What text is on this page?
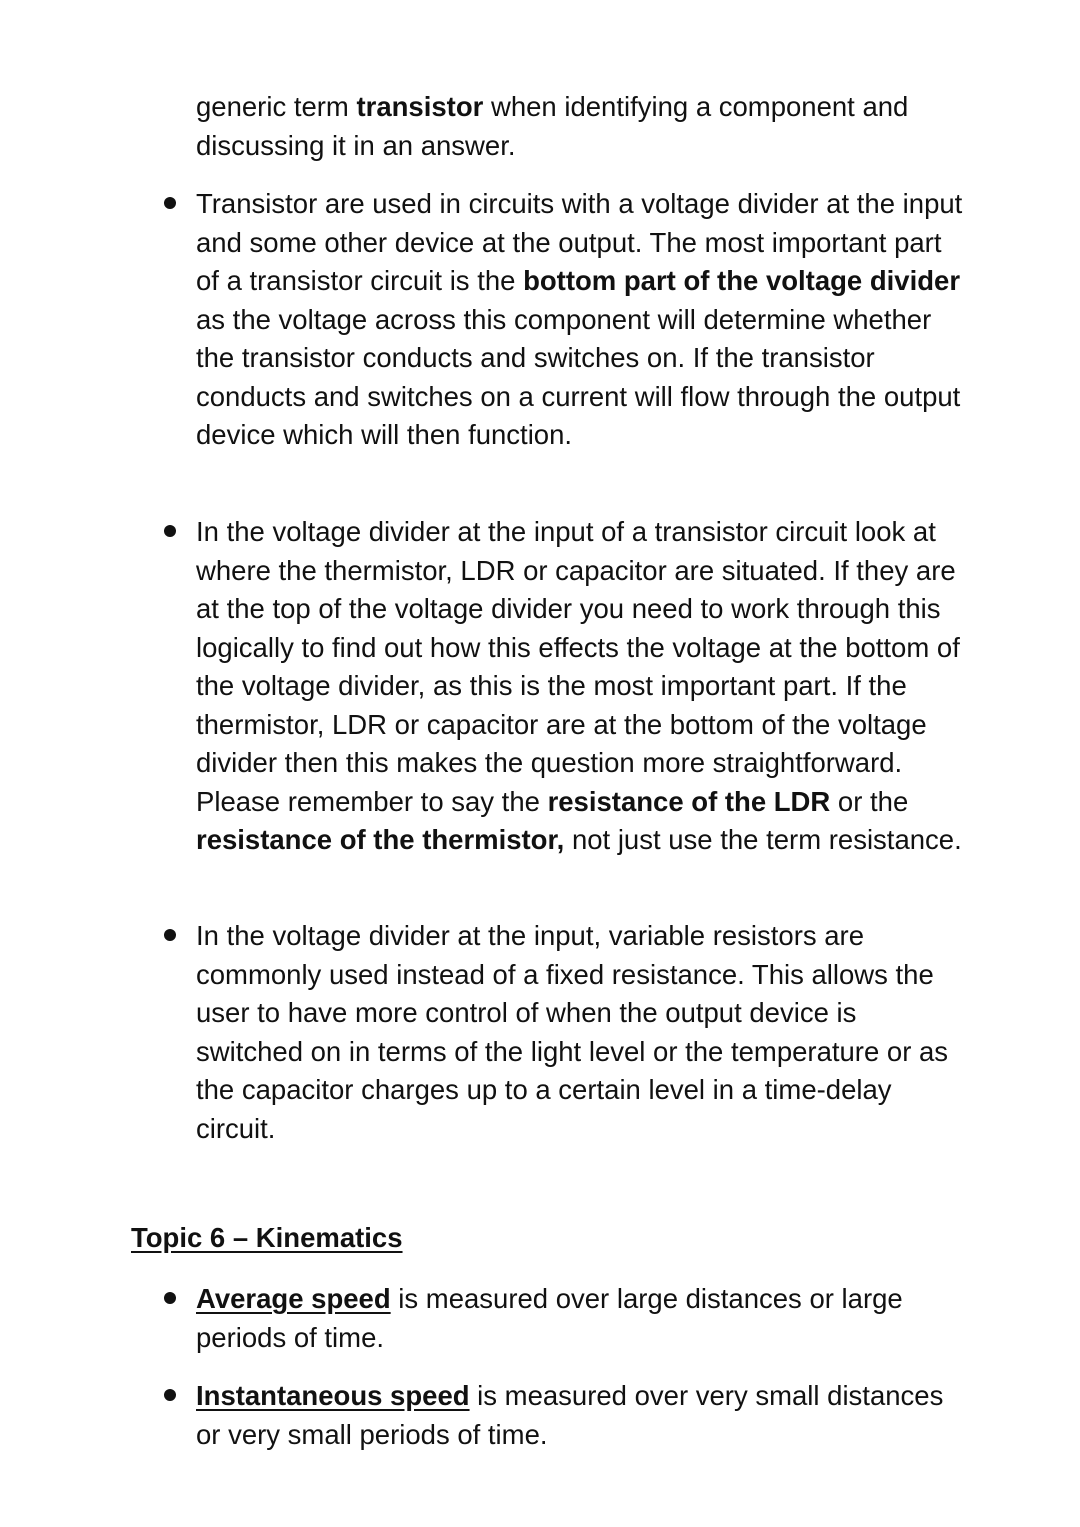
generic term transistor when identifying a component and discussing it in an answer.

Transistor are used in circuits with a voltage divider at the input and some other device at the output. The most important part of a transistor circuit is the bottom part of the voltage divider as the voltage across this component will determine whether the transistor conducts and switches on. If the transistor conducts and switches on a current will flow through the output device which will then function.

In the voltage divider at the input of a transistor circuit look at where the thermistor, LDR or capacitor are situated. If they are at the top of the voltage divider you need to work through this logically to find out how this effects the voltage at the bottom of the voltage divider, as this is the most important part. If the thermistor, LDR or capacitor are at the bottom of the voltage divider then this makes the question more straightforward. Please remember to say the resistance of the LDR or the resistance of the thermistor, not just use the term resistance.

In the voltage divider at the input, variable resistors are commonly used instead of a fixed resistance. This allows the user to have more control of when the output device is switched on in terms of the light level or the temperature or as the capacitor charges up to a certain level in a time-delay circuit.

Topic 6 – Kinematics

Average speed is measured over large distances or large periods of time.

Instantaneous speed is measured over very small distances or very small periods of time.
